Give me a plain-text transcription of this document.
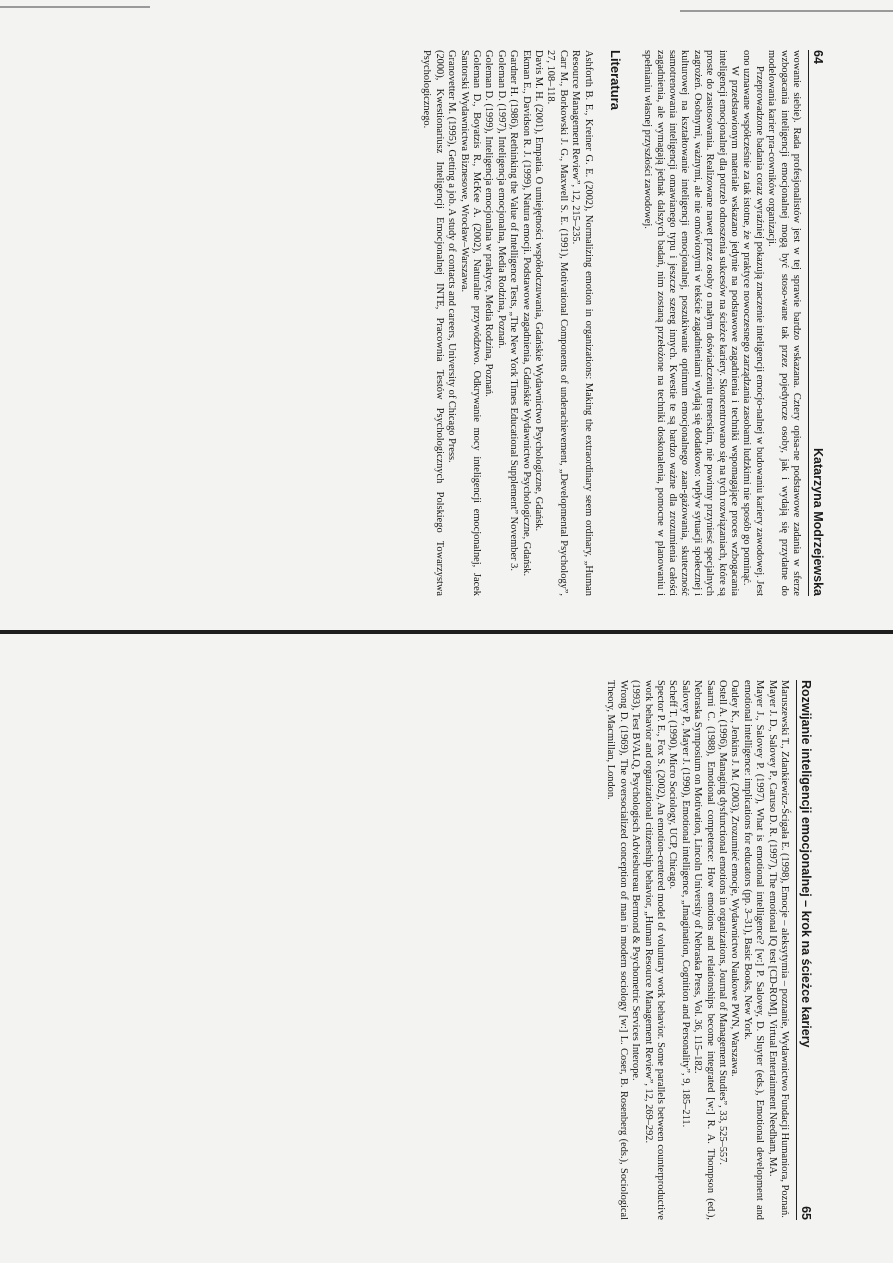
64
Katarzyna Modrzejewska

wowanie siebie). Rada profesjonalistów jest w tej sprawie bardzo wskazana. Cztery opisa-ne podstawowe zadania w sferze wzbogacania inteligencji emocjonalnej mogą być stoso-wane tak przez pojedyncze osoby, jak i wydają się przydatne do modelowania karier pra-cowników organizacji.

Przeprowadzone badania coraz wyraźniej pokazują znaczenie inteligencji emocjo-nalnej w budowaniu kariery zawodowej. Jest ono uznawane współcześnie za tak istotne, że w praktyce nowoczesnego zarządzania zasobami ludzkimi nie sposób go pominąć.

W przedstawionym materiale wskazano jedynie na podstawowe zagadnienia i techniki wspomagające proces wzbogacania inteligencji emocjonalnej dla potrzeb odnoszenia sukcesów na ścieżce kariery. Skoncentrowano się na tych rozwiązaniach, które są proste do zastosowania. Realizowane nawet przez osoby o małym doświadczeniu trenerskim, nie powinny przyniesć specjalnych zagrożeń. Osobnymi, ważnymi, ale nie omówionymi w tekście zagadnieniami wydają się dodatkowo: wpływ sytuacji społecznej i kulturowej na kształtowanie inteligencji emocjonalnej, poszukiwanie optimum emocjonalnego zaan-gażowania, skuteczność samotrenowania inteligencji omawianego typu i jeszcze szereg innych. Kwestie te są bardzo ważne dla zrozumienia całości zagadnienia, ale wymagają jednak dalszych badań, nim zostaną przełożone na techniki doskonalenia, pomocne w planowaniu i spełnianiu własnej przyszłości zawodowej.

Literatura

Ashforth B. E., Kreiner G. E. (2002), Normalizing emotion in organizations: Making the extraordinary seem ordinary, „Human Resource Management Review”, 12, 215–235.

Carr M., Borkowski J. G., Maxwell S. E. (1991), Motivational Components of underachievement, „Developmental Psychology”, 27, 108–118.

Davis M. H. (2001), Empatia. O umiejętności współodczuwania, Gdańskie Wydawnictwo Psychologiczne, Gdańsk.

Ekman E., Davidson R. J. (1999), Natura emocji. Podstawowe zagadnienia, Gdańskie Wydawnictwo Psychologiczne, Gdańsk.

Gardner H. (1986), Rethinking the Value of Intelligence Tests, „The New York Times Educational Supplement” November 3.

Goleman D. (1997), Inteligencja emocjonalna, Media Rodzina, Poznań.

Goleman D. (1999), Inteligencja emocjonalna w praktyce, Media Rodzina, Poznań.

Goleman D., Boyatzis R., McKee A. (2002), Naturalne przywództwo. Odkrywanie mocy inteligencji emocjonalnej, Jacek Santorski Wydawnictwa Biznesowe, Wrocław–Warszawa.

Granovetter M. (1995), Getting a job. A study of contacts and careers, University of Chicago Press.

(2000), Kwestionariusz Inteligencji Emocjonalnej INTE, Pracownia Testów Psychologicznych Polskiego Towarzystwa Psychologicznego.

Rozwijanie inteligencji emocjonalnej – krok na ścieżce kariery
65

Maruszewski T., Zdankiewicz-Ścigała E. (1998), Emocje – aleksytymia – poznanie, Wydawnictwo Fundacji Humaniora, Poznań.

Mayer J. D., Salovey P., Caruso D. R. (1997), The emotional IQ test [CD-ROM], Virtual Entertainment Needham, MA.

Mayer J., Salovey P. (1997), What is emotional intelligence? [w:] P. Salovey, D. Sluyter (eds.), Emotional development and emotional intelligence: implications for educators (pp. 3–31), Basic Books, New York.

Oatley K., Jenkins J. M. (2003), Zrozumieć emocje, Wydawnictwo Naukowe PWN, Warszawa.

Ostell A. (1996), Managing dysfunctional emotions in organizations, Journal of Management Studies”, 33, 525–557.

Saarni C. (1988), Emotional competence: How emotions and relationships become integrated [w:] R. A. Thompson (ed.), Nebraska Symposium on Motivation, Lincoln University of Nebraska Press, Vol. 36, 115–182.

Salovey P., Mayer J. (1990), Emotional intelligence, „Imagination, Cognition and Personality”, 9, 185–211.

Scheff T. (1990), Micro Sociology, UCP, Chicago.

Spector P. E., Fox S. (2002), An emotion-centered model of voluntary work behavior. Some parallels between counterproductive work behavior and organizational citizenship behavior, „Human Resource Management Review”, 12, 269–292.

(1993), Test BVALQ, Psychologisch Adviesbureau Bermond & Psychometric Services Interope.

Wrong D. (1969), The oversocialized conception of man in modern sociology [w:] L. Coser, B. Rosenberg (eds.), Sociological Theory, Macmillan, London.
